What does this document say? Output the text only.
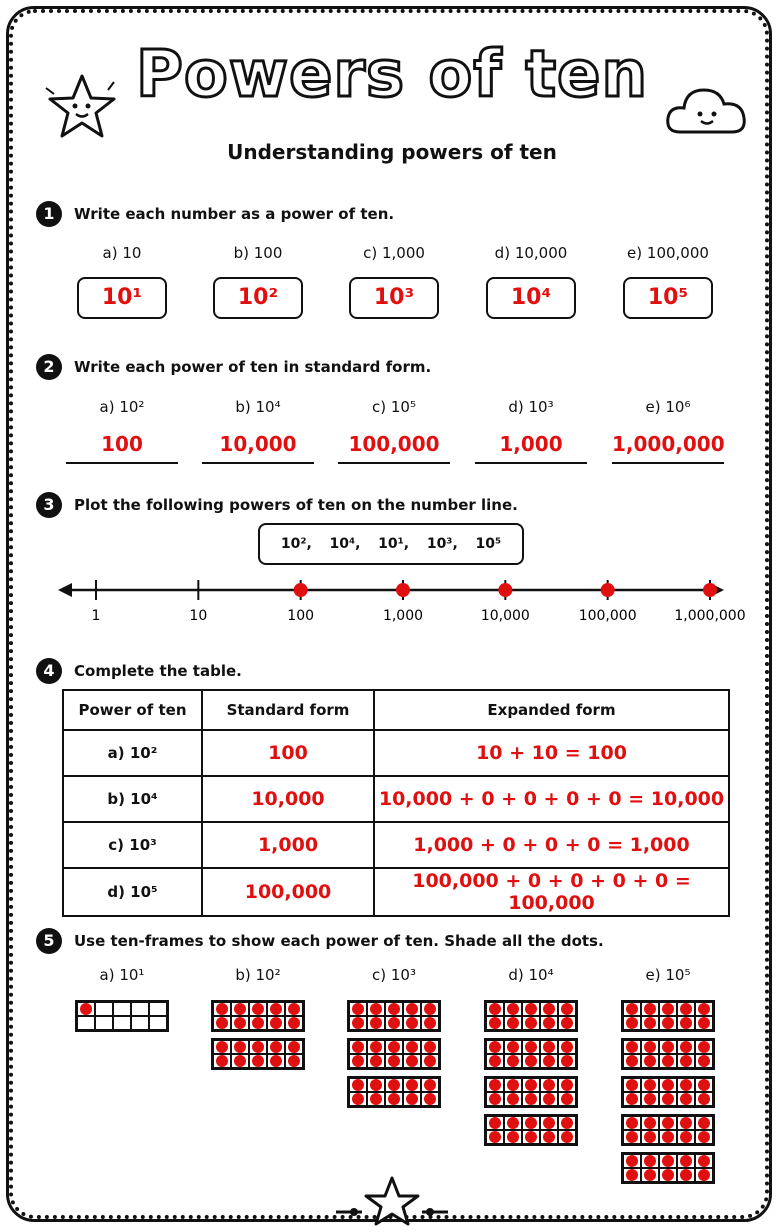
Powers of ten
Understanding powers of ten
1	Write each number as a power of ten.
2	Write each power of ten in standard form.
3	Plot the following powers of ten on the number line.
10², 10⁴, 10¹, 10³, 10⁵
1	10	100	1,000	10,000	100,000	1,000,000
4	Complete the table.
Power of ten	Standard form	Expanded form
a) 10²	100	10 + 10 = 100
b) 10⁴	10,000	10,000 + 0 + 0 + 0 + 0 = 10,000
c) 10³	1,000	1,000 + 0 + 0 + 0 = 1,000
d) 10⁵	100,000	100,000 + 0 + 0 + 0 + 0 = 100,000
5	Use ten-frames to show each power of ten. Shade all the dots.
a) 10
10¹
b) 100
10²
c) 1,000
10³
d) 10,000
10⁴
e) 100,000
10⁵
a) 10²
100
b) 10⁴
10,000
c) 10⁵
100,000
d) 10³
1,000
e) 10⁶
1,000,000
a) 10¹	b) 10²	c) 10³	d) 10⁴	e) 10⁵
